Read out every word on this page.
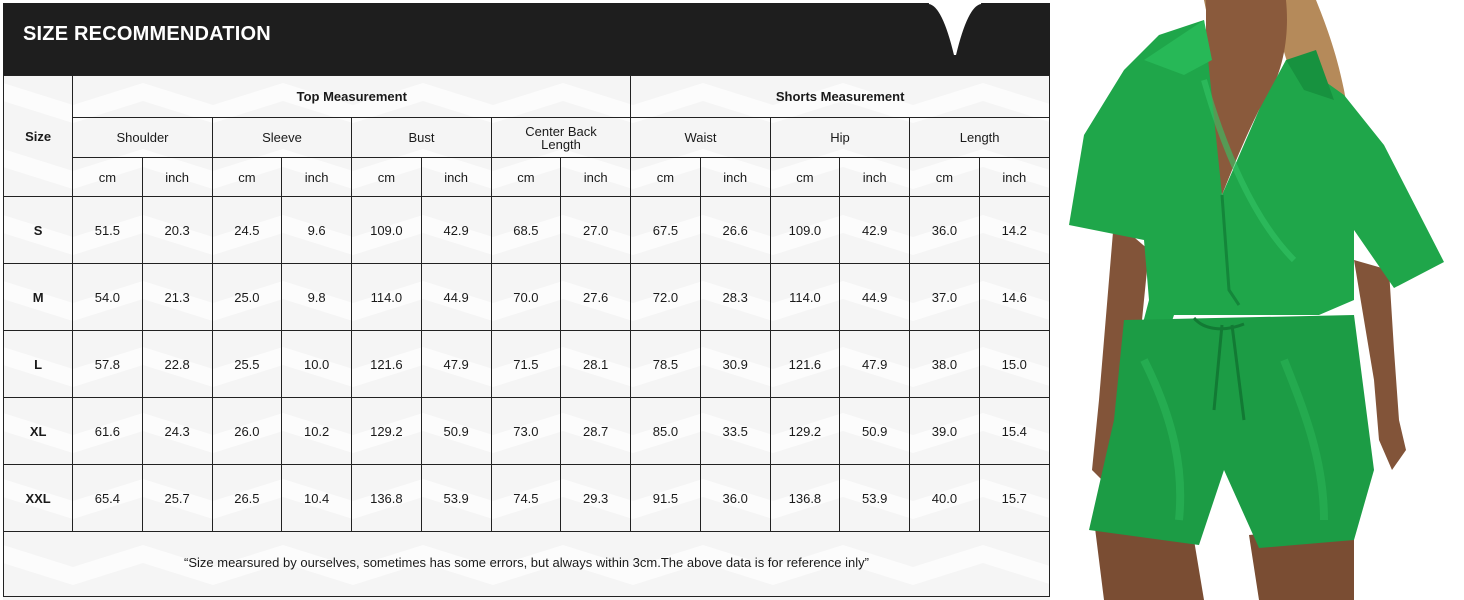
SIZE RECOMMENDATION
Size	Top Measurement								Shorts Measurement					
	Shoulder		Sleeve		Bust		Center Back Length		Waist		Hip		Length	
	cm	inch	cm	inch	cm	inch	cm	inch	cm	inch	cm	inch	cm	inch
S	51.5	20.3	24.5	9.6	109.0	42.9	68.5	27.0	67.5	26.6	109.0	42.9	36.0	14.2
M	54.0	21.3	25.0	9.8	114.0	44.9	70.0	27.6	72.0	28.3	114.0	44.9	37.0	14.6
L	57.8	22.8	25.5	10.0	121.6	47.9	71.5	28.1	78.5	30.9	121.6	47.9	38.0	15.0
XL	61.6	24.3	26.0	10.2	129.2	50.9	73.0	28.7	85.0	33.5	129.2	50.9	39.0	15.4
XXL	65.4	25.7	26.5	10.4	136.8	53.9	74.5	29.3	91.5	36.0	136.8	53.9	40.0	15.7
“Size mearsured by ourselves, sometimes has some errors, but always within 3cm.The above data is for reference inly”														
